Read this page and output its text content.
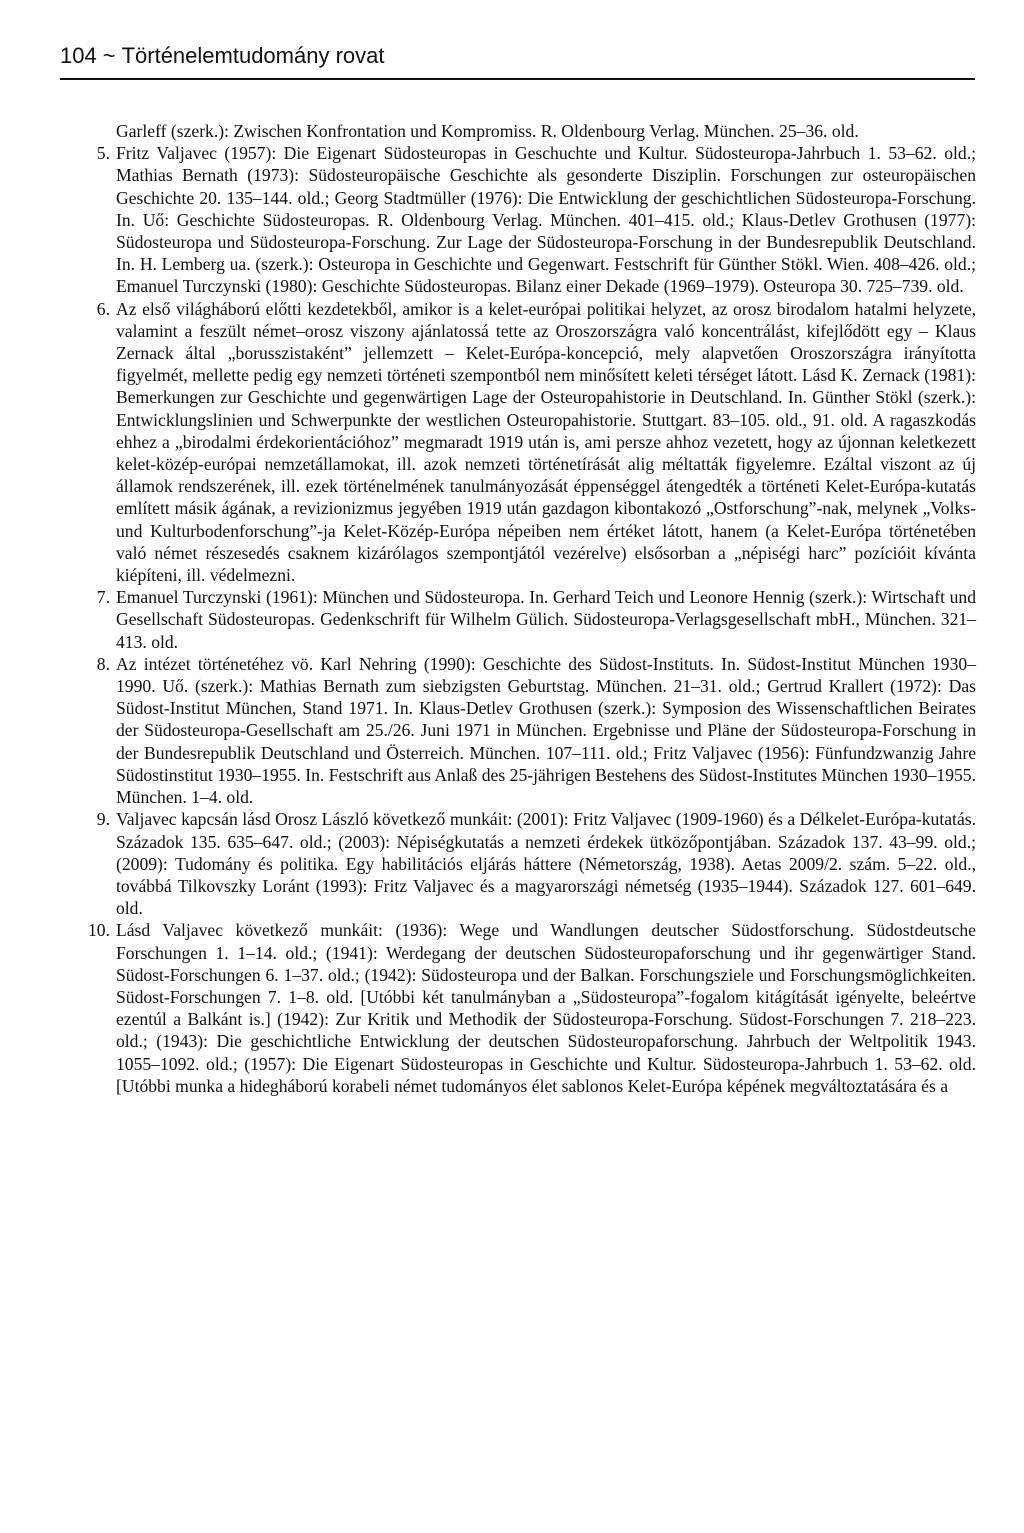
104 ~ Történelemtudomány rovat

Garleff (szerk.): Zwischen Konfrontation und Kompromiss. R. Oldenbourg Verlag. München. 25–36. old.

5. Fritz Valjavec (1957): Die Eigenart Südosteuropas in Geschuchte und Kultur. Südosteuropa-Jahrbuch 1. 53–62. old.; Mathias Bernath (1973): Südosteuropäische Geschichte als gesonderte Disziplin. Forschungen zur osteuropäischen Geschichte 20. 135–144. old.; Georg Stadtmüller (1976): Die Entwicklung der geschichtlichen Südosteuropa-Forschung. In. Uő: Geschichte Südosteuropas. R. Oldenbourg Verlag. München. 401–415. old.; Klaus-Detlev Grothusen (1977): Südosteuropa und Südosteuropa-Forschung. Zur Lage der Südosteuropa-Forschung in der Bundesrepublik Deutschland. In. H. Lemberg ua. (szerk.): Osteuropa in Geschichte und Gegenwart. Festschrift für Günther Stökl. Wien. 408–426. old.; Emanuel Turczynski (1980): Geschichte Südosteuropas. Bilanz einer Dekade (1969–1979). Osteuropa 30. 725–739. old.

6. Az első világháború előtti kezdetekből, amikor is a kelet-európai politikai helyzet, az orosz birodalom hatalmi helyzete, valamint a feszült német–orosz viszony ajánlatossá tette az Oroszországra való koncentrálást, kifejlődött egy – Klaus Zernack által „borusszistaként” jellemzett – Kelet-Európa-koncepció, mely alapvetően Oroszországra irányította figyelmét, mellette pedig egy nemzeti történeti szempontból nem minősített keleti térséget látott. Lásd K. Zernack (1981): Bemerkungen zur Geschichte und gegenwärtigen Lage der Osteuropahistorie in Deutschland. In. Günther Stökl (szerk.): Entwicklungslinien und Schwerpunkte der westlichen Osteuropahistorie. Stuttgart. 83–105. old., 91. old. A ragaszkodás ehhez a „birodalmi érdekorientációhoz” megmaradt 1919 után is, ami persze ahhoz vezetett, hogy az újonnan keletkezett kelet-közép-európai nemzetállamokat, ill. azok nemzeti történetírását alig méltatták figyelemre. Ezáltal viszont az új államok rendszerének, ill. ezek történelmének tanulmányozását éppenséggel átengedték a történeti Kelet-Európa-kutatás említett másik ágának, a revizionizmus jegyében 1919 után gazdagon kibontakozó „Ostforschung”-nak, melynek „Volks- und Kulturbodenforschung”-ja Kelet-Közép-Európa népeiben nem értéket látott, hanem (a Kelet-Európa történetében való német részesedés csaknem kizárólagos szempontjától vezérelve) elsősorban a „népiségi harc” pozícióit kívánta kiépíteni, ill. védelmezni.

7. Emanuel Turczynski (1961): München und Südosteuropa. In. Gerhard Teich und Leonore Hennig (szerk.): Wirtschaft und Gesellschaft Südosteuropas. Gedenkschrift für Wilhelm Gülich. Südosteuropa-Verlagsgesellschaft mbH., München. 321–413. old.

8. Az intézet történetéhez vö. Karl Nehring (1990): Geschichte des Südost-Instituts. In. Südost-Institut München 1930–1990. Uő. (szerk.): Mathias Bernath zum siebzigsten Geburtstag. München. 21–31. old.; Gertrud Krallert (1972): Das Südost-Institut München, Stand 1971. In. Klaus-Detlev Grothusen (szerk.): Symposion des Wissenschaftlichen Beirates der Südosteuropa-Gesellschaft am 25./26. Juni 1971 in München. Ergebnisse und Pläne der Südosteuropa-Forschung in der Bundesrepublik Deutschland und Österreich. München. 107–111. old.; Fritz Valjavec (1956): Fünfundzwanzig Jahre Südostinstitut 1930–1955. In. Festschrift aus Anlaß des 25-jährigen Bestehens des Südost-Institutes München 1930–1955. München. 1–4. old.

9. Valjavec kapcsán lásd Orosz László következő munkáit: (2001): Fritz Valjavec (1909-1960) és a Délkelet-Európa-kutatás. Századok 135. 635–647. old.; (2003): Népiségkutatás a nemzeti érdekek ütközőpontjában. Századok 137. 43–99. old.; (2009): Tudomány és politika. Egy habilitációs eljárás háttere (Németország, 1938). Aetas 2009/2. szám. 5–22. old., továbbá Tilkovszky Loránt (1993): Fritz Valjavec és a magyarországi németség (1935–1944). Századok 127. 601–649. old.

10. Lásd Valjavec következő munkáit: (1936): Wege und Wandlungen deutscher Südostforschung. Südostdeutsche Forschungen 1. 1–14. old.; (1941): Werdegang der deutschen Südosteuropaforschung und ihr gegenwärtiger Stand. Südost-Forschungen 6. 1–37. old.; (1942): Südosteuropa und der Balkan. Forschungsziele und Forschungsmöglichkeiten. Südost-Forschungen 7. 1–8. old. [Utóbbi két tanulmányban a „Südosteuropa”-fogalom kitágítását igényelte, beleértve ezentúl a Balkánt is.] (1942): Zur Kritik und Methodik der Südosteuropa-Forschung. Südost-Forschungen 7. 218–223. old.; (1943): Die geschichtliche Entwicklung der deutschen Südosteuropaforschung. Jahrbuch der Weltpolitik 1943. 1055–1092. old.; (1957): Die Eigenart Südosteuropas in Geschichte und Kultur. Südosteuropa-Jahrbuch 1. 53–62. old. [Utóbbi munka a hidegháború korabeli német tudományos élet sablonos Kelet-Európa képének megváltoztatására és a
